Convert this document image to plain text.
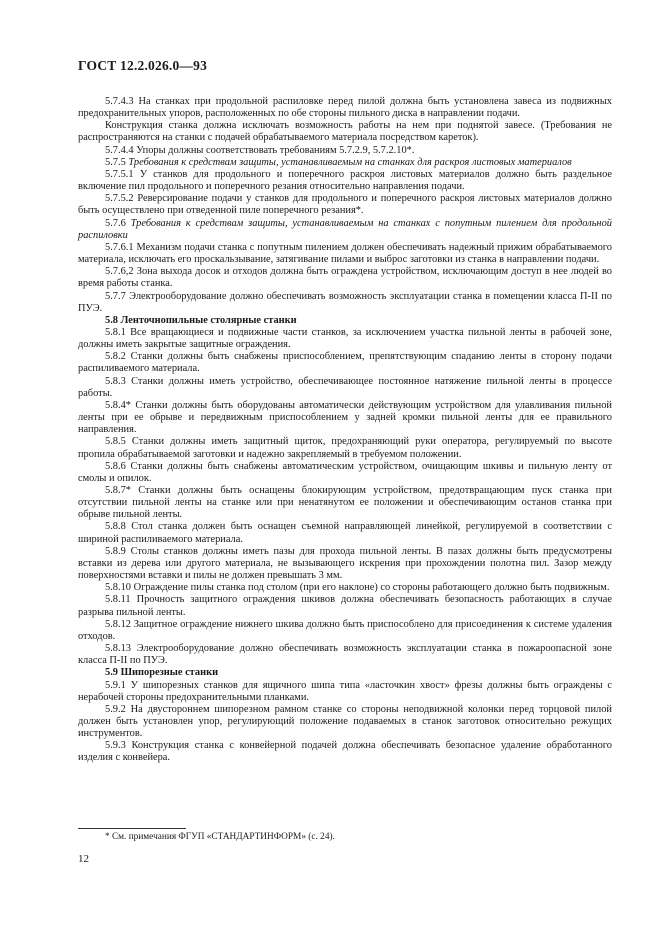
ГОСТ 12.2.026.0—93

5.7.4.3 На станках при продольной распиловке перед пилой должна быть установлена завеса из подвижных предохранительных упоров, расположенных по обе стороны пильного диска в направлении подачи.

Конструкция станка должна исключать возможность работы на нем при поднятой завесе. (Требования не распространяются на станки с подачей обрабатываемого материала посредством кареток).

5.7.4.4 Упоры должны соответствовать требованиям 5.7.2.9, 5.7.2.10*.

5.7.5 Требования к средствам защиты, устанавливаемым на станках для раскроя листовых материалов

5.7.5.1 У станков для продольного и поперечного раскроя листовых материалов должно быть раздельное включение пил продольного и поперечного резания относительно направления подачи.

5.7.5.2 Реверсирование подачи у станков для продольного и поперечного раскроя листовых материалов должно быть осуществлено при отведенной пиле поперечного резания*.

5.7.6 Требования к средствам защиты, устанавливаемым на станках с попутным пилением для продольной распиловки

5.7.6.1 Механизм подачи станка с попутным пилением должен обеспечивать надежный прижим обрабатываемого материала, исключать его проскальзывание, затягивание пилами и выброс заготовки из станка в направлении подачи.

5.7.6,2 Зона выхода досок и отходов должна быть ограждена устройством, исключающим доступ в нее людей во время работы станка.

5.7.7 Электрооборудование должно обеспечивать возможность эксплуатации станка в помещении класса П-II по ПУЭ.

5.8 Ленточнопильные столярные станки

5.8.1 Все вращающиеся и подвижные части станков, за исключением участка пильной ленты в рабочей зоне, должны иметь закрытые защитные ограждения.

5.8.2 Станки должны быть снабжены приспособлением, препятствующим спаданию ленты в сторону подачи распиливаемого материала.

5.8.3 Станки должны иметь устройство, обеспечивающее постоянное натяжение пильной ленты в процессе работы.

5.8.4* Станки должны быть оборудованы автоматически действующим устройством для улавливания пильной ленты при ее обрыве и передвижным приспособлением у задней кромки пильной ленты для ее правильного направления.

5.8.5 Станки должны иметь защитный щиток, предохраняющий руки оператора, регулируемый по высоте пропила обрабатываемой заготовки и надежно закрепляемый в требуемом положении.

5.8.6 Станки должны быть снабжены автоматическим устройством, очищающим шкивы и пильную ленту от смолы и опилок.

5.8.7* Станки должны быть оснащены блокирующим устройством, предотвращающим пуск станка при отсутствии пильной ленты на станке или при ненатянутом ее положении и обеспечивающим останов станка при обрыве пильной ленты.

5.8.8 Стол станка должен быть оснащен съемной направляющей линейкой, регулируемой в соответствии с шириной распиливаемого материала.

5.8.9 Столы станков должны иметь пазы для прохода пильной ленты. В пазах должны быть предусмотрены вставки из дерева или другого материала, не вызывающего искрения при прохождении полотна пил. Зазор между поверхностями вставки и пилы не должен превышать 3 мм.

5.8.10 Ограждение пилы станка под столом (при его наклоне) со стороны работающего должно быть подвижным.

5.8.11 Прочность защитного ограждения шкивов должна обеспечивать безопасность работающих в случае разрыва пильной ленты.

5.8.12 Защитное ограждение нижнего шкива должно быть приспособлено для присоединения к системе удаления отходов.

5.8.13 Электрооборудование должно обеспечивать возможность эксплуатации станка в пожароопасной зоне класса П-II по ПУЭ.

5.9 Шипорезные станки

5.9.1 У шипорезных станков для ящичного шипа типа «ласточкин хвост» фрезы должны быть ограждены с нерабочей стороны предохранительными планками.

5.9.2 На двустороннем шипорезном рамном станке со стороны неподвижной колонки перед торцовой пилой должен быть установлен упор, регулирующий положение подаваемых в станок заготовок относительно режущих инструментов.

5.9.3 Конструкция станка с конвейерной подачей должна обеспечивать безопасное удаление обработанного изделия с конвейера.

* См. примечания ФГУП «СТАНДАРТИНФОРМ» (с. 24).
12
